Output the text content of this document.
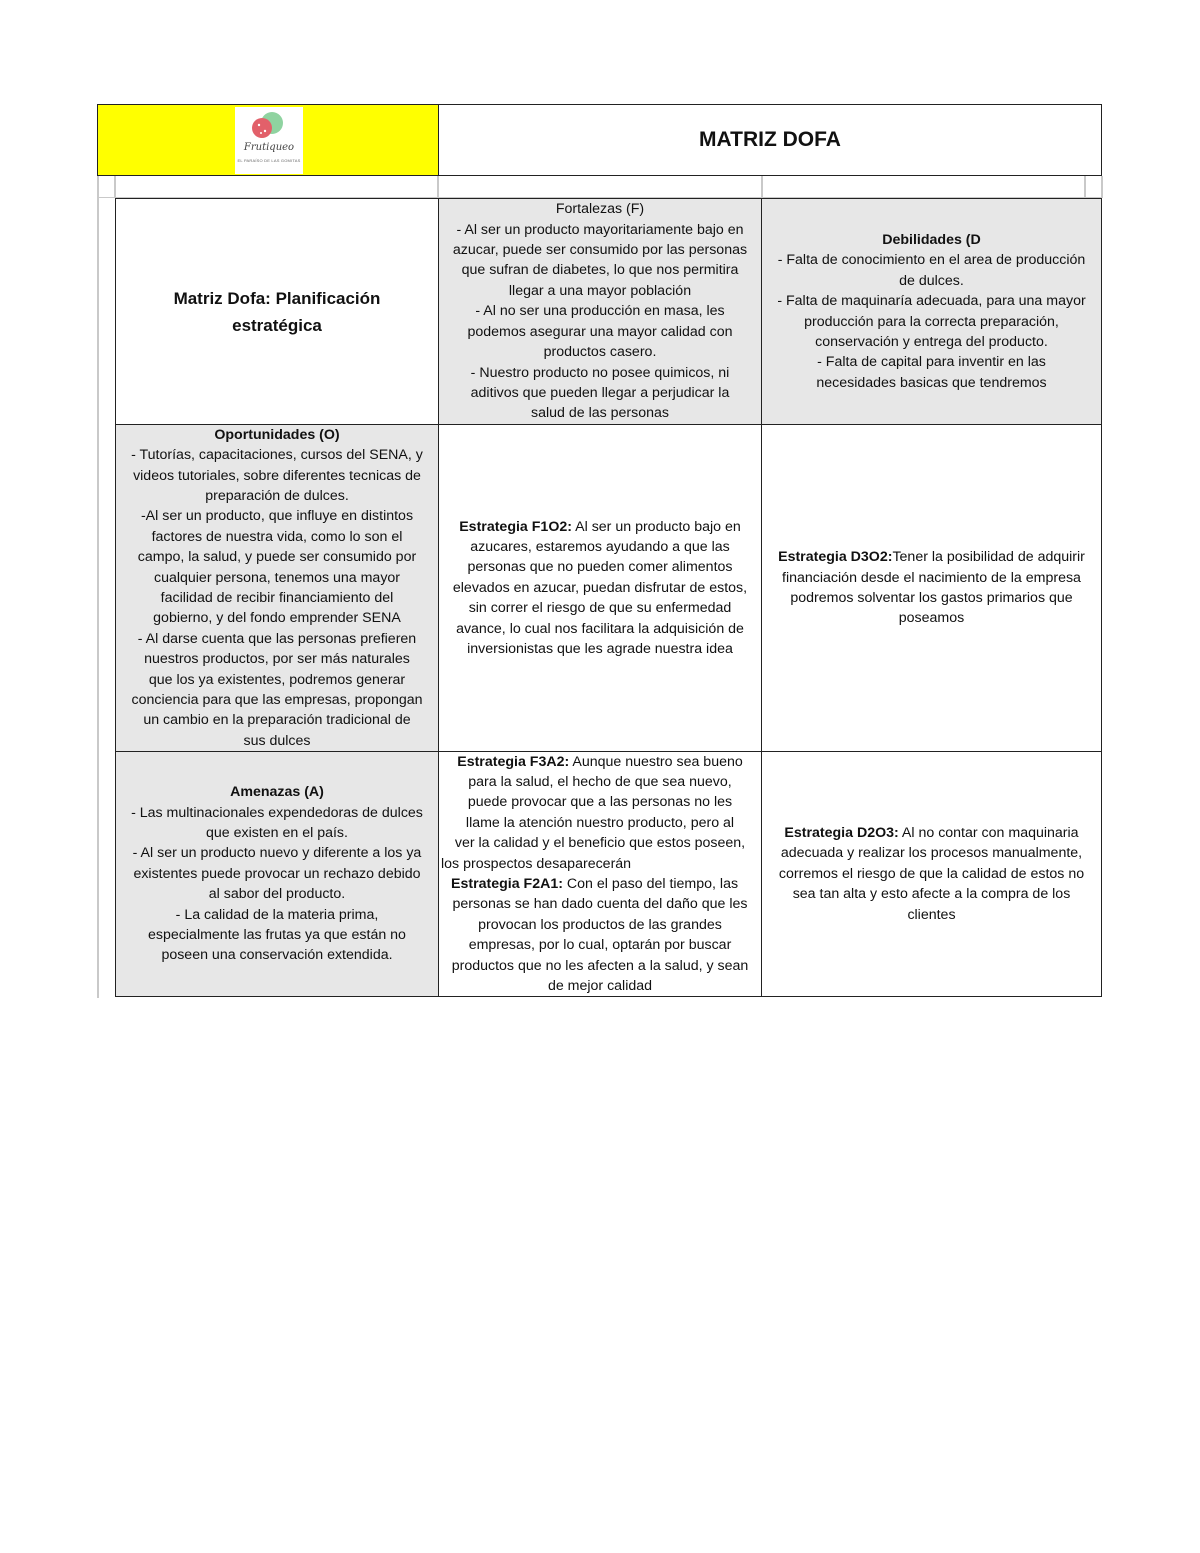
Frutiqueo
EL PARAÍSO DE LAS GOMITAS
MATRIZ DOFA
Matriz Dofa: Planificación
estratégica
Fortalezas (F)
- Al ser un producto mayoritariamente bajo en
azucar, puede ser consumido por las personas
que sufran de diabetes, lo que nos permitira
llegar a una mayor población
- Al no ser una producción en masa, les
podemos asegurar una mayor calidad con
productos casero.
- Nuestro producto no posee quimicos, ni
aditivos que pueden llegar a perjudicar la
salud de las personas
Debilidades (D
- Falta de conocimiento en el area de producción
de dulces.
- Falta de maquinaría adecuada, para una mayor
producción para la correcta preparación,
conservación y entrega del producto.
- Falta de capital para inventir en las
necesidades basicas que tendremos
Oportunidades (O)
- Tutorías, capacitaciones, cursos del SENA, y
videos tutoriales, sobre diferentes tecnicas de
preparación de dulces.
-Al ser un producto, que influye en distintos
factores de nuestra vida, como lo son el
campo, la salud, y puede ser consumido por
cualquier persona, tenemos una mayor
facilidad de recibir financiamiento del
gobierno, y del fondo emprender SENA
- Al darse cuenta que las personas prefieren
nuestros productos, por ser más naturales
que los ya existentes, podremos generar
conciencia para que las empresas, propongan
un cambio en la preparación tradicional de
sus dulces
Estrategia F1O2: Al ser un producto bajo en
azucares, estaremos ayudando a que las
personas que no pueden comer alimentos
elevados en azucar, puedan disfrutar de estos,
sin correr el riesgo de que su enfermedad
avance, lo cual nos facilitara la adquisición de
inversionistas que les agrade nuestra idea
Estrategia D3O2:Tener la posibilidad de adquirir
financiación desde el nacimiento de la empresa
podremos solventar los gastos primarios que
poseamos
Amenazas (A)
- Las multinacionales expendedoras de dulces
que existen en el país.
- Al ser un producto nuevo y diferente a los ya
existentes puede provocar un rechazo debido
al sabor del producto.
- La calidad de la materia prima,
especialmente las frutas ya que están no
poseen una conservación extendida.
Estrategia F3A2: Aunque nuestro sea bueno
para la salud, el hecho de que sea nuevo,
puede provocar que a las personas no les
llame la atención nuestro producto, pero al
ver la calidad y el beneficio que estos poseen,
los prospectos desaparecerán
Estrategia F2A1: Con el paso del tiempo, las
personas se han dado cuenta del daño que les
provocan los productos de las grandes
empresas, por lo cual, optarán por buscar
productos que no les afecten a la salud, y sean
de mejor calidad
Estrategia D2O3: Al no contar con maquinaria
adecuada y realizar los procesos manualmente,
corremos el riesgo de que la calidad de estos no
sea tan alta y esto afecte a la compra de los
clientes
